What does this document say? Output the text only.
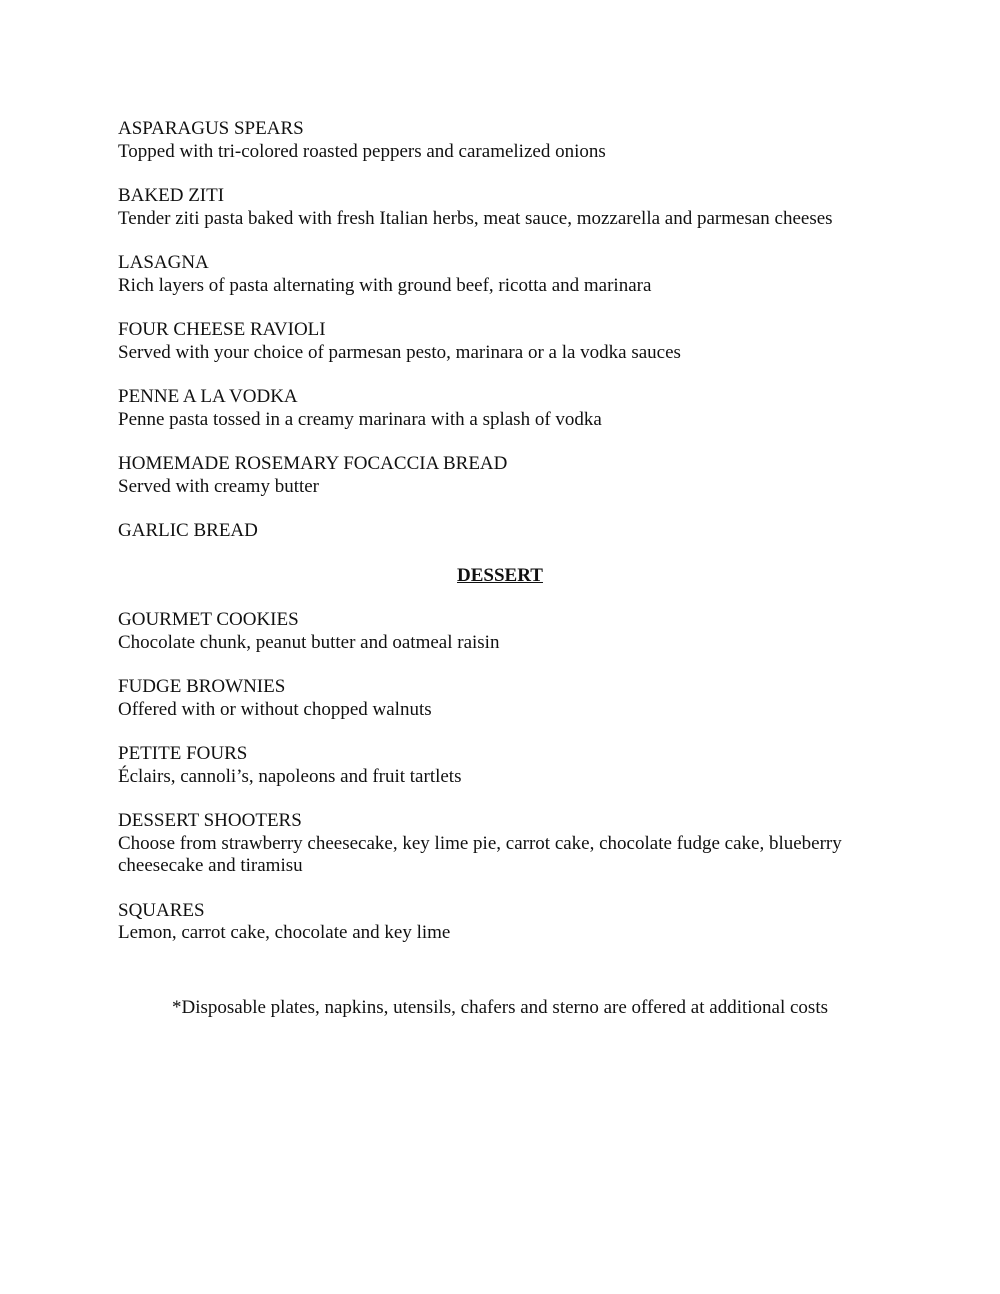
ASPARAGUS SPEARS
Topped with tri-colored roasted peppers and caramelized onions
BAKED ZITI
Tender ziti pasta baked with fresh Italian herbs, meat sauce, mozzarella and parmesan cheeses
LASAGNA
Rich layers of pasta alternating with ground beef, ricotta and marinara
FOUR CHEESE RAVIOLI
Served with your choice of parmesan pesto, marinara or a la vodka sauces
PENNE A LA VODKA
Penne pasta tossed in a creamy marinara with a splash of vodka
HOMEMADE ROSEMARY FOCACCIA BREAD
Served with creamy butter
GARLIC BREAD
DESSERT
GOURMET COOKIES
Chocolate chunk, peanut butter and oatmeal raisin
FUDGE BROWNIES
Offered with or without chopped walnuts
PETITE FOURS
Éclairs, cannoli’s, napoleons and fruit tartlets
DESSERT SHOOTERS
Choose from strawberry cheesecake, key lime pie, carrot cake, chocolate fudge cake, blueberry cheesecake and tiramisu
SQUARES
Lemon, carrot cake, chocolate and key lime
*Disposable plates, napkins, utensils, chafers and sterno are offered at additional costs
